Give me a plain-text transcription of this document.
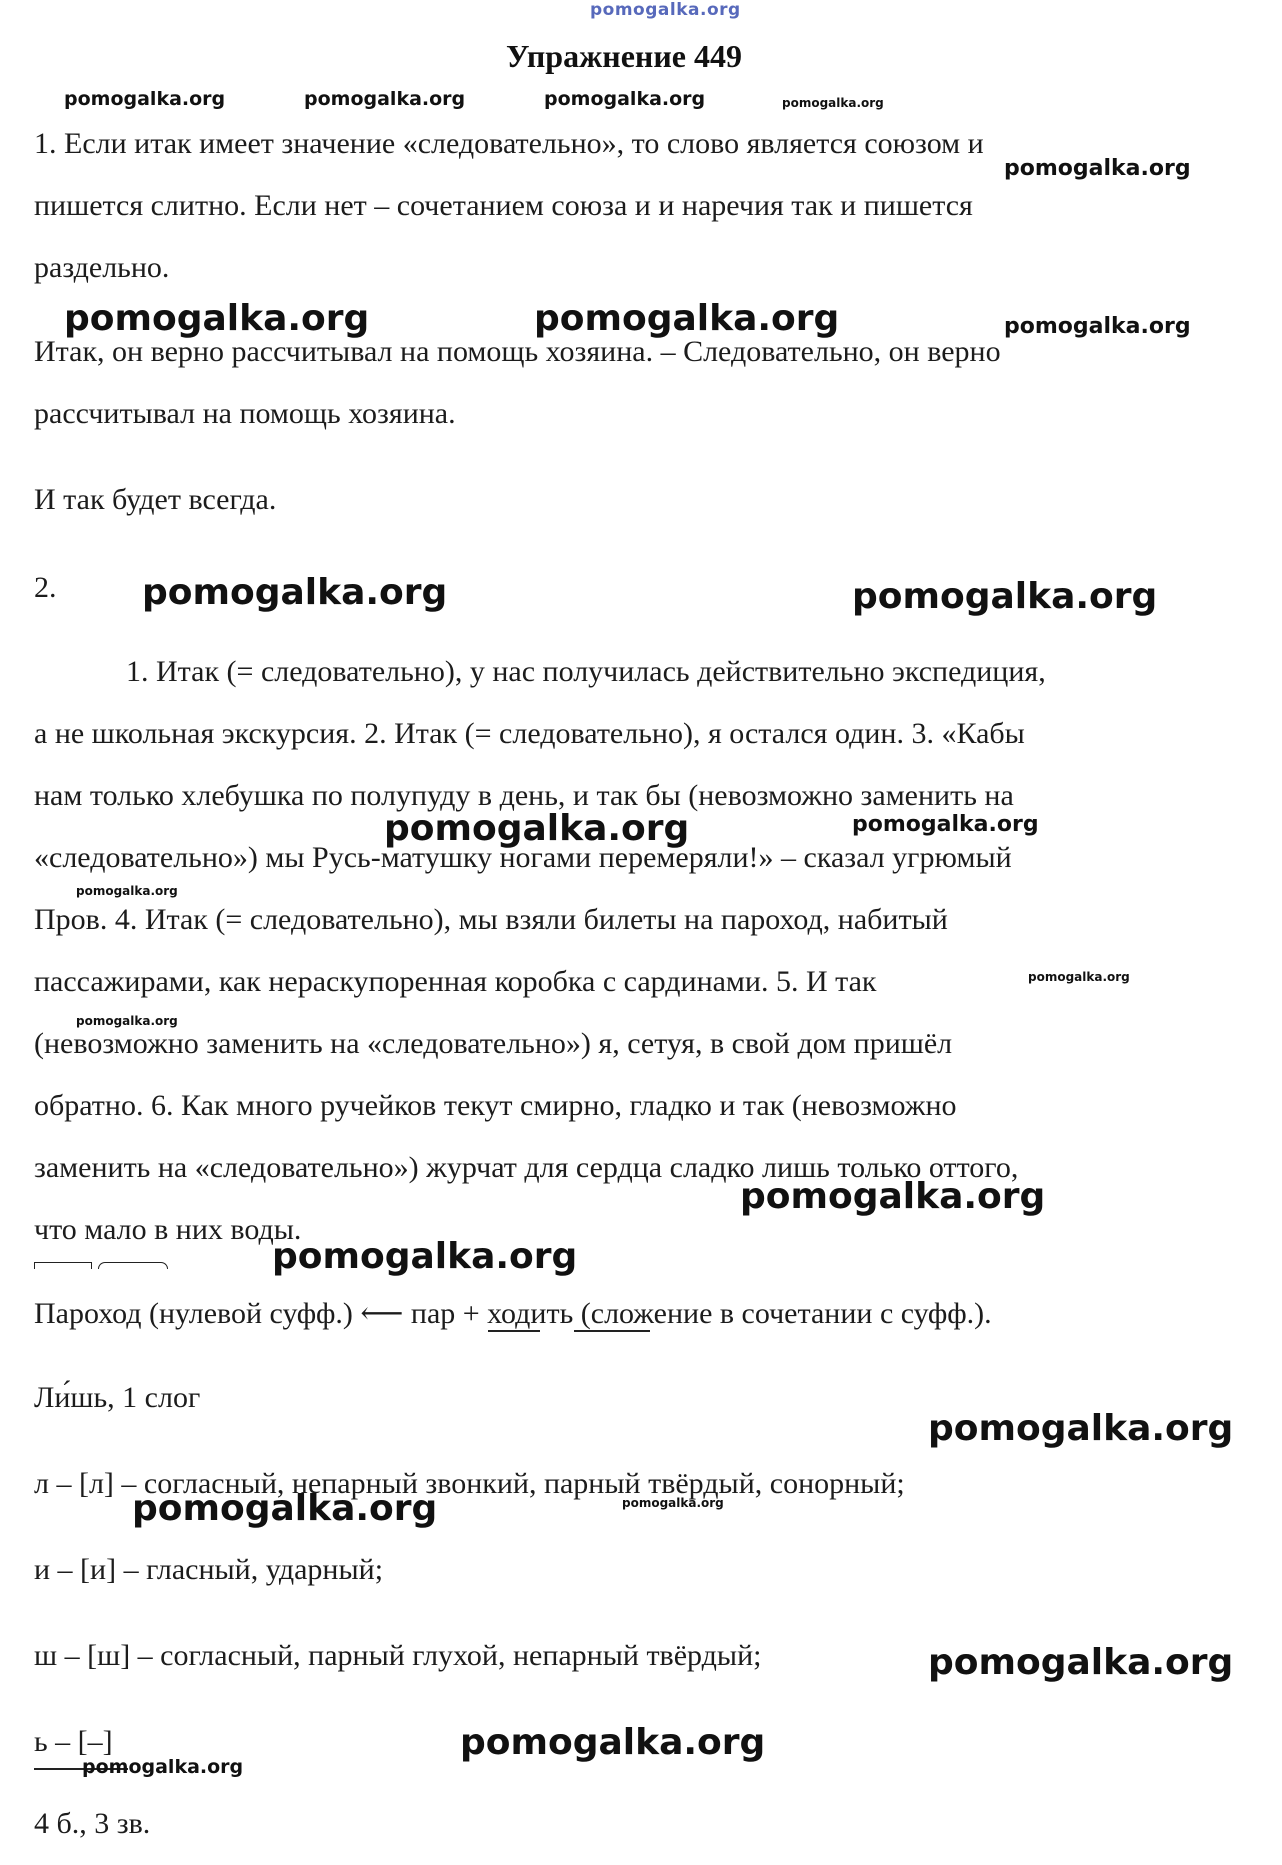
pomogalka.org
Упражнение 449
pomogalka.org	pomogalka.org	pomogalka.org	pomogalka.org
1. Если итак имеет значение «следовательно», то слово является союзом и
pomogalka.org
пишется слитно. Если нет – сочетанием союза и и наречия так и пишется
раздельно.
pomogalka.org	pomogalka.org	pomogalka.org
Итак, он верно рассчитывал на помощь хозяина. – Следовательно, он верно
рассчитывал на помощь хозяина.
И так будет всегда.
2. pomogalka.org	pomogalka.org
1. Итак (= следовательно), у нас получилась действительно экспедиция,
а не школьная экскурсия. 2. Итак (= следовательно), я остался один. 3. «Кабы
нам только хлебушка по полупуду в день, и так бы (невозможно заменить на
pomogalka.org	pomogalka.org
«следовательно») мы Русь-матушку ногами перемеряли!» – сказал угрюмый
pomogalka.org
Пров. 4. Итак (= следовательно), мы взяли билеты на пароход, набитый
пассажирами, как нераскупоренная коробка с сардинами. 5. И так	pomogalka.org
pomogalka.org
(невозможно заменить на «следовательно») я, сетуя, в свой дом пришёл
обратно. 6. Как много ручейков текут смирно, гладко и так (невозможно
заменить на «следовательно») журчат для сердца сладко лишь только оттого,
pomogalka.org
что мало в них воды.
pomogalka.org
Пароход (нулевой суфф.) ⟵ пар + ходить (сложение в сочетании с суфф.).
Ли́шь, 1 слог
pomogalka.org
л – [л] – согласный, непарный звонкий, парный твёрдый, сонорный;
pomogalka.org	pomogalka.org
и – [и] – гласный, ударный;
ш – [ш] – согласный, парный глухой, непарный твёрдый;	pomogalka.org
ь – [–]	pomogalka.org
pomogalka.org
4 б., 3 зв.
